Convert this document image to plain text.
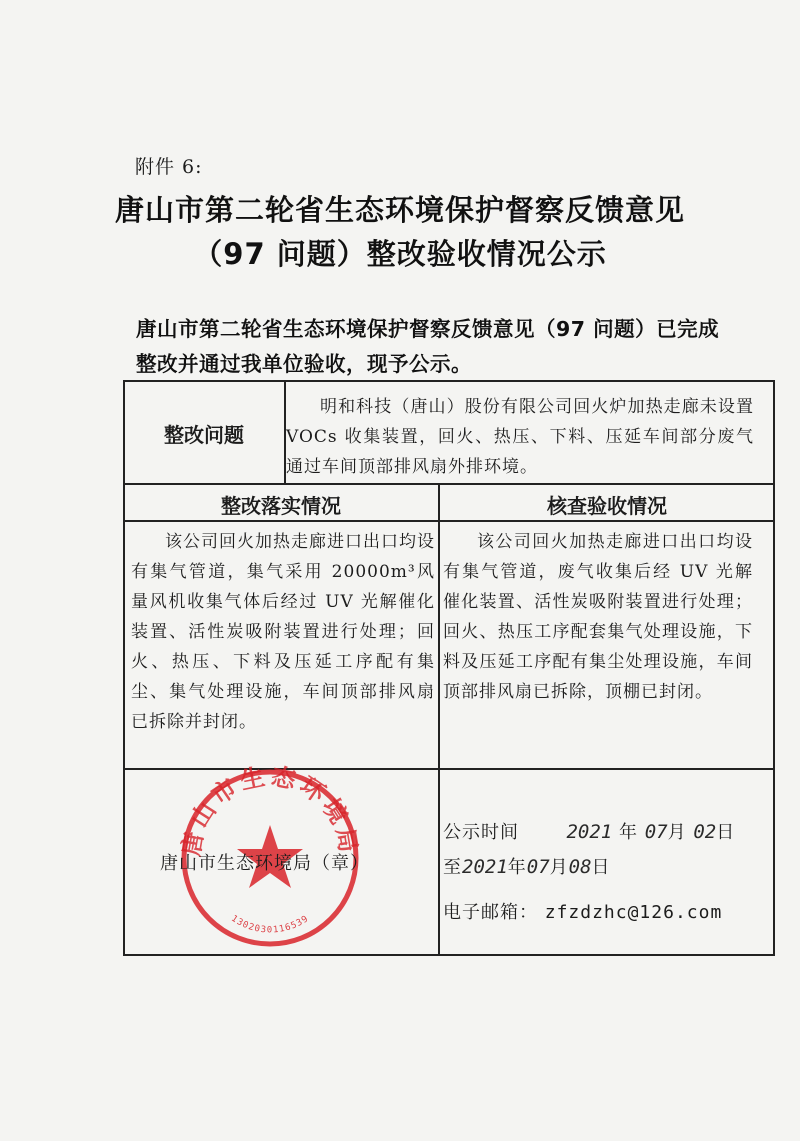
附件 6:
唐山市第二轮省生态环境保护督察反馈意见
（97 问题）整改验收情况公示
唐山市第二轮省生态环境保护督察反馈意见（97 问题）已完成
整改并通过我单位验收，现予公示。
整改问题
明和科技（唐山）股份有限公司回火炉加热走廊未设置 VOCs 收集装置，回火、热压、下料、压延车间部分废气通过车间顶部排风扇外排环境。
整改落实情况	核查验收情况
该公司回火加热走廊进口出口均设有集气管道，集气采用 20000m³风量风机收集气体后经过 UV 光解催化装置、活性炭吸附装置进行处理；回火、热压、下料及压延工序配有集尘、集气处理设施，车间顶部排风扇已拆除并封闭。
该公司回火加热走廊进口出口均设有集气管道，废气收集后经 UV 光解催化装置、活性炭吸附装置进行处理；回火、热压工序配套集气处理设施，下料及压延工序配有集尘处理设施，车间顶部排风扇已拆除，顶棚已封闭。
唐山市生态环境局
1302030116539
唐山市生态环境局（章）
公示时间 2021 年 07月 02日
至2021年07月08日
电子邮箱： zfzdzhc@126.com
